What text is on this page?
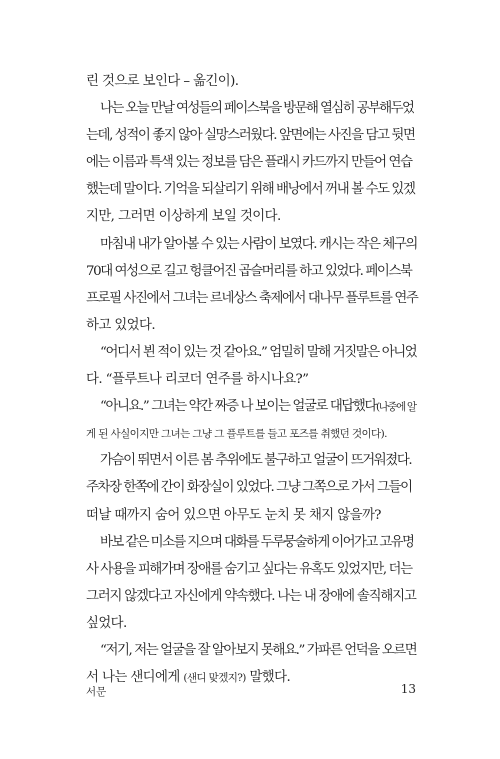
린 것으로 보인다 – 옮긴이).
나는 오늘 만날 여성들의 페이스북을 방문해 열심히 공부해두었
는데, 성적이 좋지 않아 실망스러웠다. 앞면에는 사진을 담고 뒷면
에는 이름과 특색 있는 정보를 담은 플래시 카드까지 만들어 연습
했는데 말이다. 기억을 되살리기 위해 배낭에서 꺼내 볼 수도 있겠
지만, 그러면 이상하게 보일 것이다.
마침내 내가 알아볼 수 있는 사람이 보였다. 캐시는 작은 체구의
70대 여성으로 길고 헝클어진 곱슬머리를 하고 있었다. 페이스북
프로필 사진에서 그녀는 르네상스 축제에서 대나무 플루트를 연주
하고 있었다.
“어디서 뵌 적이 있는 것 같아요.” 엄밀히 말해 거짓말은 아니었
다. “플루트나 리코더 연주를 하시나요?”
“아니요.” 그녀는 약간 짜증 나 보이는 얼굴로 대답했다(나중에 알
게 된 사실이지만 그녀는 그냥 그 플루트를 들고 포즈를 취했던 것이다).
가슴이 뛰면서 이른 봄 추위에도 불구하고 얼굴이 뜨거워졌다.
주차장 한쪽에 간이 화장실이 있었다. 그냥 그쪽으로 가서 그들이
떠날 때까지 숨어 있으면 아무도 눈치 못 채지 않을까?
바보 같은 미소를 지으며 대화를 두루뭉술하게 이어가고 고유명
사 사용을 피해가며 장애를 숨기고 싶다는 유혹도 있었지만, 더는
그러지 않겠다고 자신에게 약속했다. 나는 내 장애에 솔직해지고
싶었다.
“저기, 저는 얼굴을 잘 알아보지 못해요.” 가파른 언덕을 오르면
서 나는 샌디에게 (샌디 맞겠지?) 말했다.
서문	13
